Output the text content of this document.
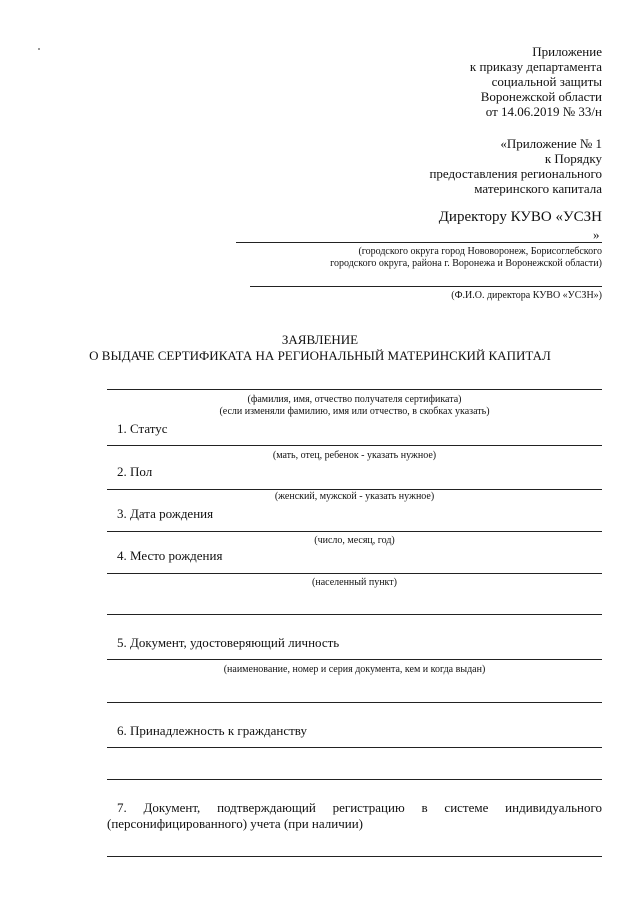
Приложение
к приказу департамента
социальной защиты
Воронежской области
от 14.06.2019 № 33/н
«Приложение № 1
к Порядку
предоставления регионального
материнского капитала
Директору КУВО «УСЗН
»
(городского округа город Нововоронеж, Борисоглебского
городского округа, района г. Воронежа и Воронежской области)
(Ф.И.О. директора КУВО «УСЗН»)
ЗАЯВЛЕНИЕ
О ВЫДАЧЕ СЕРТИФИКАТА НА РЕГИОНАЛЬНЫЙ МАТЕРИНСКИЙ КАПИТАЛ
(фамилия, имя, отчество получателя сертификата)
(если изменяли фамилию, имя или отчество, в скобках указать)
1. Статус
(мать, отец, ребенок - указать нужное)
2. Пол
(женский, мужской - указать нужное)
3. Дата рождения
(число, месяц, год)
4. Место рождения
(населенный пункт)
5. Документ, удостоверяющий личность
(наименование, номер и серия документа, кем и когда выдан)
6. Принадлежность к гражданству
7. Документ, подтверждающий регистрацию в системе индивидуального
(персонифицированного) учета (при наличии)
